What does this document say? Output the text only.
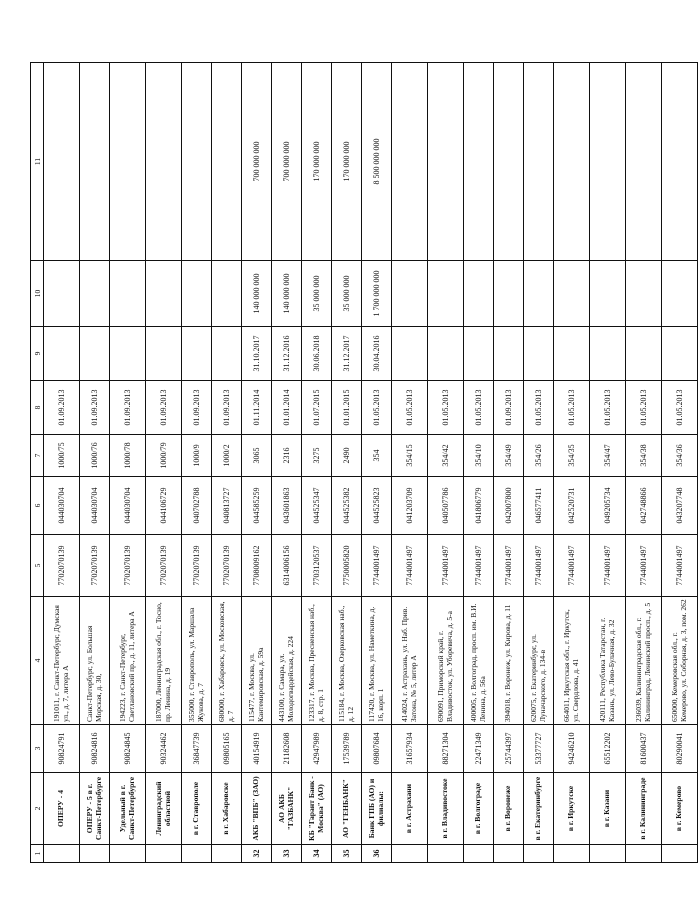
1	2	3	4	5	6	7	8	9	10	11
	ОПЕРУ - 4	90824791	191011, г. Санкт-Петербург, Думская ул., д. 7, литера А	7702070139	044030704	1000/75	01.09.2013			
	ОПЕРУ - 5 в г. Санкт-Петербурге	90824816	Санкт-Петербург, ул. Большая Морская, д. 30,	7702070139	044030704	1000/76	01.09.2013			
	Удельный в г. Санкт-Петербурге	90824845	194223, г. Санкт-Петербург, Светлановский пр., д. 11, литера А	7702070139	044030704	1000/78	01.09.2013			
	Ленинградский областной	90324462	187000, Ленинградская обл., г. Тосно, пр. Ленина, д. 19	7702070139	044106729	1000/79	01.09.2013			
	в г. Ставрополе	36847739	355000, г. Ставрополь, ул. Маршала Жукова, д. 7	7702070139	040702788	1000/9	01.09.2013			
	в г. Хабаровске	09805165	680000, г. Хабаровск, ул. Московская, д. 7	7702070139	040813727	1000/2	01.09.2013			
32	АКБ "ВПБ" (ЗАО)	40154919	115477, г. Москва, ул. Кантемировская, д. 59а	7708009162	044585259	3065	01.11.2014	31.10.2017	140 000 000	700 000 000
33	АО АКБ "ГАЗБАНК"	21182608	443100, г. Самара, ул. Молодогвардейская, д. 224	6314006156	043601863	2316	01.01.2014	31.12.2016	140 000 000	700 000 000
34	КБ "Гарант Банк - Москва" (АО)	42947989	123317, г. Москва, Пресненская наб., д. 8, стр. 1	7703120537	044525347	3275	01.07.2015	30.06.2018	35 000 000	170 000 000
35	АО "ГЕНБАНК"	17539789	115184, г. Москва, Озерковская наб., д. 12	7750005820	044525382	2490	01.01.2015	31.12.2017	35 000 000	170 000 000
36	Банк ГПБ (АО) и филиалы:	09807684	117420, г. Москва, ул. Наметкина, д. 16, корп. 1	7744001497	044525823	354	01.05.2013	30.04.2016	1 700 000 000	8 500 000 000
	в г. Астрахани	31657934	414024, г. Астрахань, ул. Наб. Прив. Затона, № 5, литер А	7744001497	041203709	354/15	01.05.2013			
	в г. Владивостоке	88271304	690091, Приморский край, г. Владивосток, ул. Уборевича, д. 5-а	7744001497	040507786	354/42	01.05.2013			
	в г. Волгограде	22471349	400005, г. Волгоград, просп. им. В.И. Ленина, д. 56а	7744001497	041806779	354/10	01.05.2013			
	в г. Воронеже	25744397	394018, г. Воронеж, ул. Кирова, д. 11	7744001497	042007800	354/49	01.09.2013			
	в г. Екатеринбурге	53377727	620075, г. Екатеринбург, ул. Луначарского, д. 134-в	7744001497	046577411	354/26	01.05.2013			
	в г. Иркутске	94246210	664011, Иркутская обл., г. Иркутск, ул. Свердлова, д. 41	7744001497	042520731	354/35	01.05.2013			
	в г. Казани	65512202	420111, Республика Татарстан, г. Казань, ул. Лево-Булачная, д. 32	7744001497	049205734	354/47	01.05.2013			
	в г. Калининграде	81600437	236039, Калининградская обл., г. Калининград, Ленинский просп., д. 5	7744001497	042748866	354/38	01.05.2013			
	в г. Кемерово	80290041	650000, Кемеровская обл., г. Кемерово, ул. Соборная, д. 3, пом. 262	7744001497	043207748	354/36	01.05.2013			
